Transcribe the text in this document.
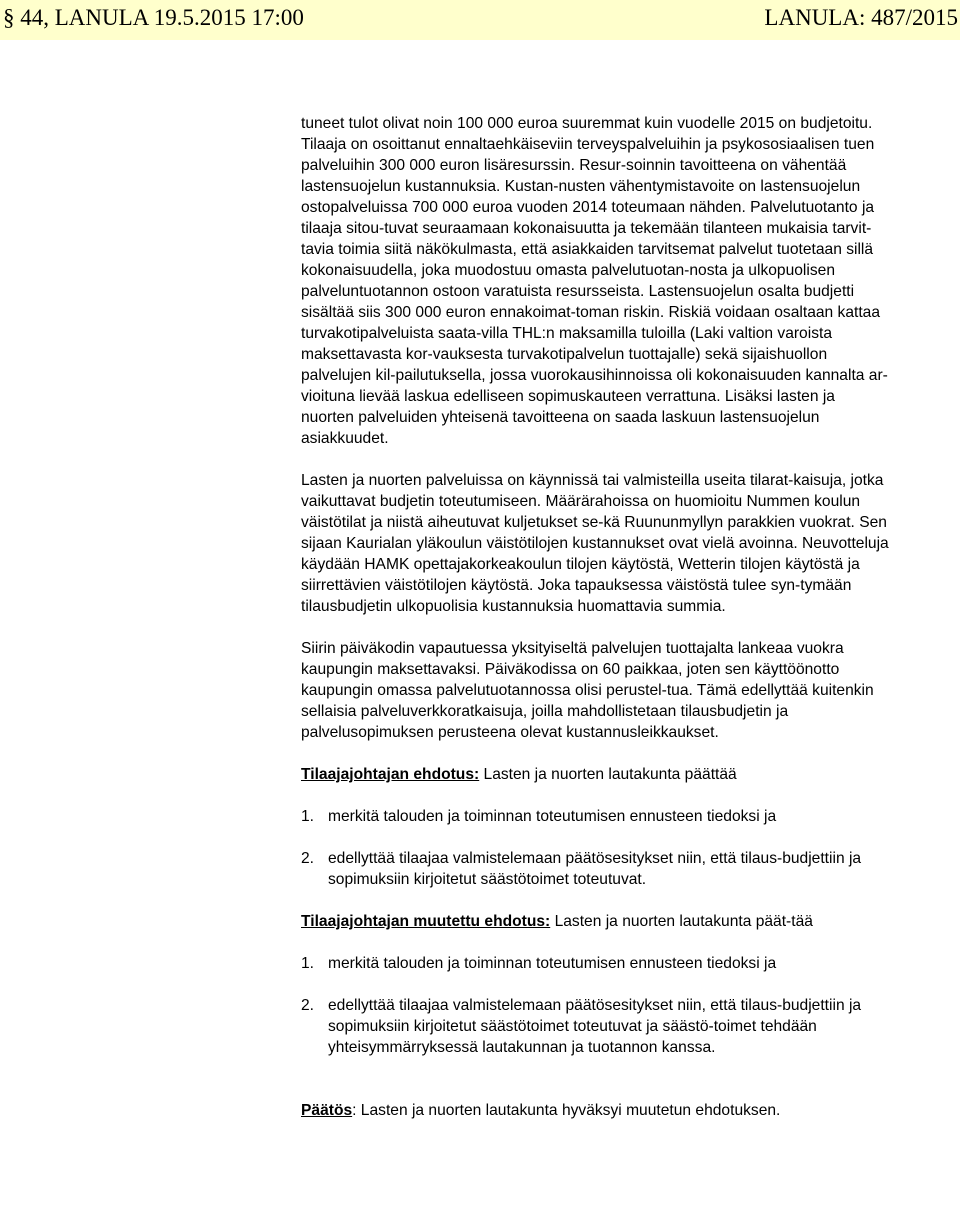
§ 44, LANULA 19.5.2015 17:00	LANULA: 487/2015

tuneet tulot olivat noin 100 000 euroa suuremmat kuin vuodelle 2015 on budjetoitu. Tilaaja on osoittanut ennaltaehkäiseviin terveyspalveluihin ja psykososiaalisen tuen palveluihin 300 000 euron lisäresurssin. Resur-soinnin tavoitteena on vähentää lastensuojelun kustannuksia. Kustan-nusten vähentymistavoite on lastensuojelun ostopalveluissa 700 000 euroa vuoden 2014 toteumaan nähden. Palvelutuotanto ja tilaaja sitou-tuvat seuraamaan kokonaisuutta ja tekemään tilanteen mukaisia tarvit-tavia toimia siitä näkökulmasta, että asiakkaiden tarvitsemat palvelut tuotetaan sillä kokonaisuudella, joka muodostuu omasta palvelutuotan-nosta ja ulkopuolisen palveluntuotannon ostoon varatuista resursseista. Lastensuojelun osalta budjetti sisältää siis 300 000 euron ennakoimat-toman riskin. Riskiä voidaan osaltaan kattaa turvakotipalveluista saata-villa THL:n maksamilla tuloilla (Laki valtion varoista maksettavasta kor-vauksesta turvakotipalvelun tuottajalle) sekä sijaishuollon palvelujen kil-pailutuksella, jossa vuorokausihinnoissa oli kokonaisuuden kannalta ar-vioituna lievää laskua edelliseen sopimuskauteen verrattuna. Lisäksi lasten ja nuorten palveluiden yhteisenä tavoitteena on saada laskuun lastensuojelun asiakkuudet.

Lasten ja nuorten palveluissa on käynnissä tai valmisteilla useita tilarat-kaisuja, jotka vaikuttavat budjetin toteutumiseen. Määrärahoissa on huomioitu Nummen koulun väistötilat ja niistä aiheutuvat kuljetukset se-kä Ruununmyllyn parakkien vuokrat. Sen sijaan Kaurialan yläkoulun väistötilojen kustannukset ovat vielä avoinna. Neuvotteluja käydään HAMK opettajakorkeakoulun tilojen käytöstä, Wetterin tilojen käytöstä ja siirrettävien väistötilojen käytöstä. Joka tapauksessa väistöstä tulee syn-tymään tilausbudjetin ulkopuolisia kustannuksia huomattavia summia.

Siirin päiväkodin vapautuessa yksityiseltä palvelujen tuottajalta lankeaa vuokra kaupungin maksettavaksi. Päiväkodissa on 60 paikkaa, joten sen käyttöönotto kaupungin omassa palvelutuotannossa olisi perustel-tua. Tämä edellyttää kuitenkin sellaisia palveluverkkoratkaisuja, joilla mahdollistetaan tilausbudjetin ja palvelusopimuksen perusteena olevat kustannusleikkaukset.

Tilaajajohtajan ehdotus: Lasten ja nuorten lautakunta päättää

1. merkitä talouden ja toiminnan toteutumisen ennusteen tiedoksi ja

2. edellyttää tilaajaa valmistelemaan päätösesitykset niin, että tilaus-budjettiin ja sopimuksiin kirjoitetut säästötoimet toteutuvat.

Tilaajajohtajan muutettu ehdotus: Lasten ja nuorten lautakunta päät-tää

1. merkitä talouden ja toiminnan toteutumisen ennusteen tiedoksi ja

2. edellyttää tilaajaa valmistelemaan päätösesitykset niin, että tilaus-budjettiin ja sopimuksiin kirjoitetut säästötoimet toteutuvat ja säästö-toimet tehdään yhteisymmärryksessä lautakunnan ja tuotannon kanssa.

Päätös: Lasten ja nuorten lautakunta hyväksyi muutetun ehdotuksen.
